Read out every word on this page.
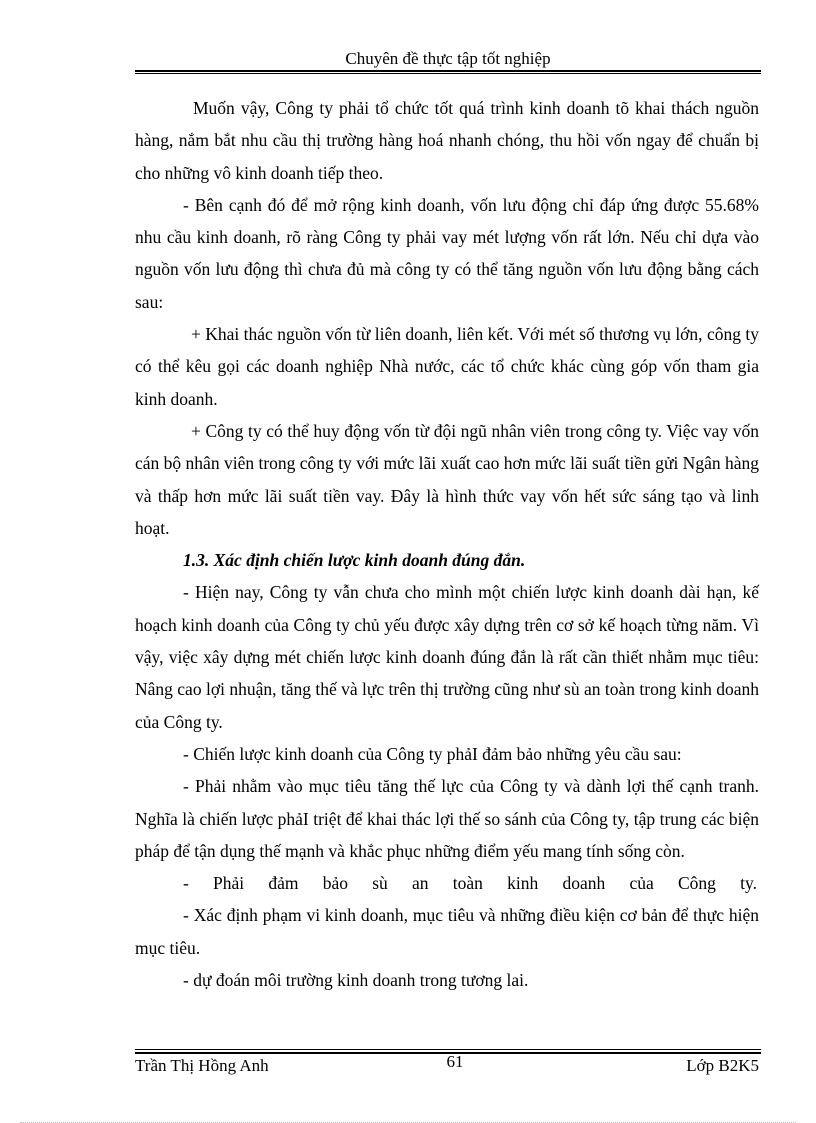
Chuyên đề thực tập tốt nghiệp

Muốn vậy, Công ty phải tổ chức tốt quá trình kinh doanh tõ khai thách nguồn hàng, nắm bắt nhu cầu thị trường hàng hoá nhanh chóng, thu hồi vốn ngay để chuẩn bị cho những vô kinh doanh tiếp theo.

- Bên cạnh đó để mở rộng kinh doanh, vốn lưu động chỉ đáp ứng được 55.68% nhu cầu kinh doanh, rõ ràng Công ty phải vay mét lượng vốn rất lớn. Nếu chỉ dựa vào nguồn vốn lưu động thì chưa đủ mà công ty có thể tăng nguồn vốn lưu động bằng cách sau:

+ Khai thác nguồn vốn từ liên doanh, liên kết. Với mét số thương vụ lớn, công ty có thể kêu gọi các doanh nghiệp Nhà nước, các tổ chức khác cùng góp vốn tham gia kinh doanh.

+ Công ty có thể huy động vốn từ đội ngũ nhân viên trong công ty. Việc vay vốn cán bộ nhân viên trong công ty với mức lãi xuất cao hơn mức lãi suất tiền gửi Ngân hàng và thấp hơn mức lãi suất tiền vay. Đây là hình thức vay vốn hết sức sáng tạo và linh hoạt.

1.3. Xác định chiến lược kinh doanh đúng đắn.

- Hiện nay, Công ty vẫn chưa cho mình một chiến lược kinh doanh dài hạn, kế hoạch kinh doanh của Công ty chủ yếu được xây dựng trên cơ sở kế hoạch từng năm. Vì vậy, việc xây dựng mét chiến lược kinh doanh đúng đắn là rất cần thiết nhằm mục tiêu: Nâng cao lợi nhuận, tăng thế và lực trên thị trường cũng như sù an toàn trong kinh doanh của Công ty.

- Chiến lược kinh doanh của Công ty phảI đảm bảo những yêu cầu sau:

- Phải nhằm vào mục tiêu tăng thế lực của Công ty và dành lợi thế cạnh tranh. Nghĩa là chiến lược phảI triệt để khai thác lợi thế so sánh của Công ty, tập trung các biện pháp để tận dụng thế mạnh và khắc phục những điểm yếu mang tính sống còn.

- Phải đảm bảo sù an toàn kinh doanh của Công ty.

- Xác định phạm vi kinh doanh, mục tiêu và những điều kiện cơ bản để thực hiện mục tiêu.

- dự đoán môi trường kinh doanh trong tương lai.

Trần Thị Hồng Anh	61	Lớp B2K5
